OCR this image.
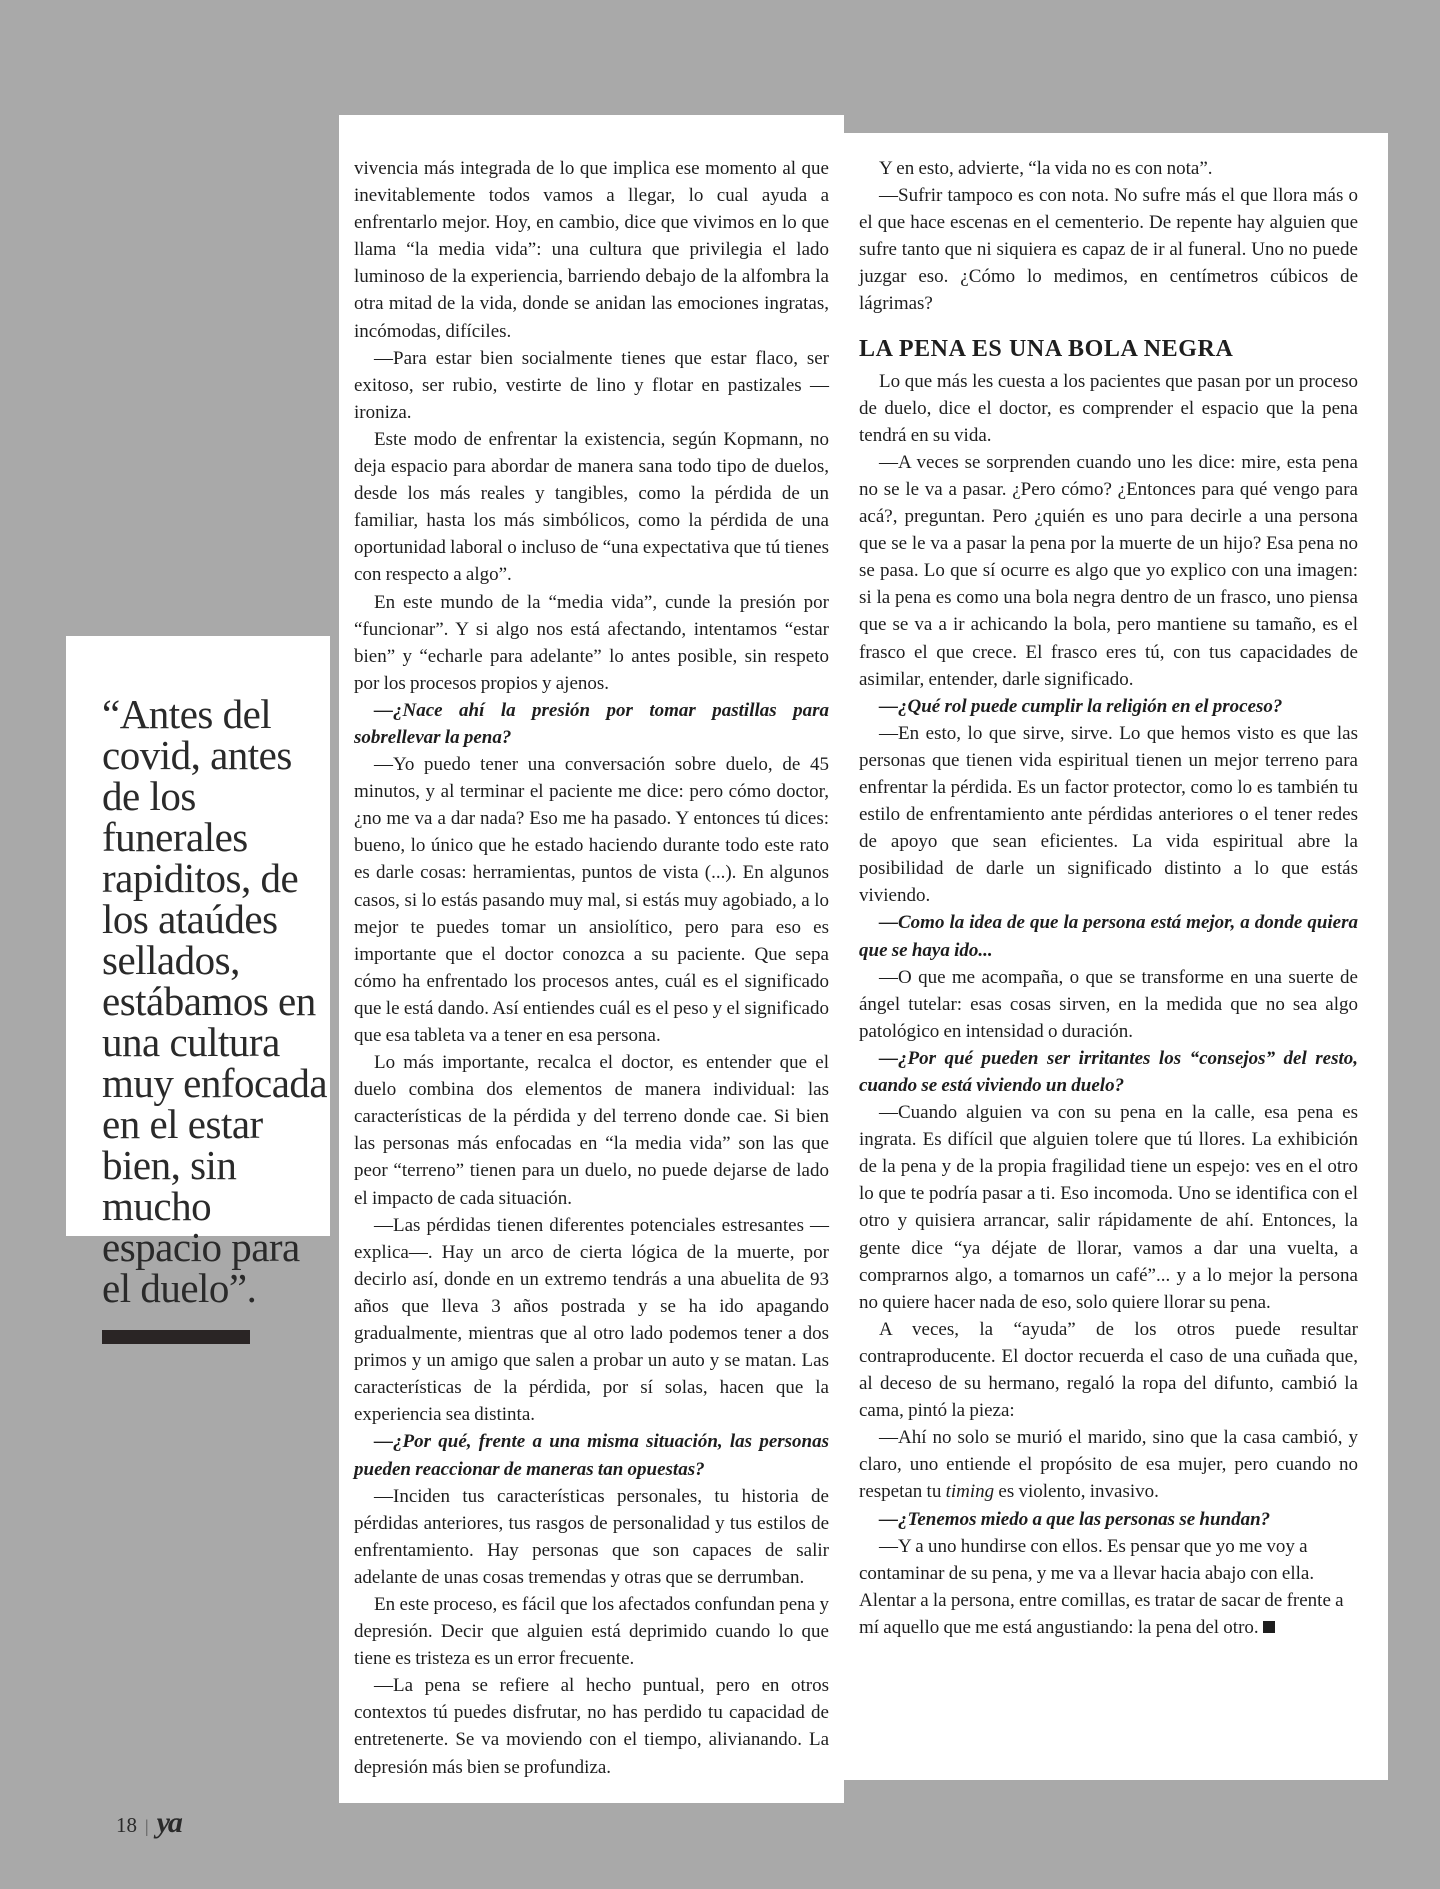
“Antes del covid, antes de los funerales rapiditos, de los ataúdes sellados, estábamos en una cultura muy enfocada en el estar bien, sin mucho espacio para el duelo”.

vivencia más integrada de lo que implica ese momento al que inevitablemente todos vamos a llegar, lo cual ayuda a enfrentarlo mejor. Hoy, en cambio, dice que vivimos en lo que llama “la media vida”: una cultura que privilegia el lado luminoso de la experiencia, barriendo debajo de la alfombra la otra mitad de la vida, donde se anidan las emociones ingratas, incómodas, difíciles.

—Para estar bien socialmente tienes que estar flaco, ser exitoso, ser rubio, vestirte de lino y flotar en pastizales —ironiza.

Este modo de enfrentar la existencia, según Kopmann, no deja espacio para abordar de manera sana todo tipo de duelos, desde los más reales y tangibles, como la pérdida de un familiar, hasta los más simbólicos, como la pérdida de una oportunidad laboral o incluso de “una expectativa que tú tienes con respecto a algo”.

En este mundo de la “media vida”, cunde la presión por “funcionar”. Y si algo nos está afectando, intentamos “estar bien” y “echarle para adelante” lo antes posible, sin respeto por los procesos propios y ajenos.

—¿Nace ahí la presión por tomar pastillas para sobrellevar la pena?

—Yo puedo tener una conversación sobre duelo, de 45 minutos, y al terminar el paciente me dice: pero cómo doctor, ¿no me va a dar nada? Eso me ha pasado. Y entonces tú dices: bueno, lo único que he estado haciendo durante todo este rato es darle cosas: herramientas, puntos de vista (...). En algunos casos, si lo estás pasando muy mal, si estás muy agobiado, a lo mejor te puedes tomar un ansiolítico, pero para eso es importante que el doctor conozca a su paciente. Que sepa cómo ha enfrentado los procesos antes, cuál es el significado que le está dando. Así entiendes cuál es el peso y el significado que esa tableta va a tener en esa persona.

Lo más importante, recalca el doctor, es entender que el duelo combina dos elementos de manera individual: las características de la pérdida y del terreno donde cae. Si bien las personas más enfocadas en “la media vida” son las que peor “terreno” tienen para un duelo, no puede dejarse de lado el impacto de cada situación.

—Las pérdidas tienen diferentes potenciales estresantes —explica—. Hay un arco de cierta lógica de la muerte, por decirlo así, donde en un extremo tendrás a una abuelita de 93 años que lleva 3 años postrada y se ha ido apagando gradualmente, mientras que al otro lado podemos tener a dos primos y un amigo que salen a probar un auto y se matan. Las características de la pérdida, por sí solas, hacen que la experiencia sea distinta.

—¿Por qué, frente a una misma situación, las personas pueden reaccionar de maneras tan opuestas?

—Inciden tus características personales, tu historia de pérdidas anteriores, tus rasgos de personalidad y tus estilos de enfrentamiento. Hay personas que son capaces de salir adelante de unas cosas tremendas y otras que se derrumban.

En este proceso, es fácil que los afectados confundan pena y depresión. Decir que alguien está deprimido cuando lo que tiene es tristeza es un error frecuente.

—La pena se refiere al hecho puntual, pero en otros contextos tú puedes disfrutar, no has perdido tu capacidad de entretenerte. Se va moviendo con el tiempo, alivianando. La depresión más bien se profundiza.

Y en esto, advierte, “la vida no es con nota”.

—Sufrir tampoco es con nota. No sufre más el que llora más o el que hace escenas en el cementerio. De repente hay alguien que sufre tanto que ni siquiera es capaz de ir al funeral. Uno no puede juzgar eso. ¿Cómo lo medimos, en centímetros cúbicos de lágrimas?

LA PENA ES UNA BOLA NEGRA

Lo que más les cuesta a los pacientes que pasan por un proceso de duelo, dice el doctor, es comprender el espacio que la pena tendrá en su vida.

—A veces se sorprenden cuando uno les dice: mire, esta pena no se le va a pasar. ¿Pero cómo? ¿Entonces para qué vengo para acá?, preguntan. Pero ¿quién es uno para decirle a una persona que se le va a pasar la pena por la muerte de un hijo? Esa pena no se pasa. Lo que sí ocurre es algo que yo explico con una imagen: si la pena es como una bola negra dentro de un frasco, uno piensa que se va a ir achicando la bola, pero mantiene su tamaño, es el frasco el que crece. El frasco eres tú, con tus capacidades de asimilar, entender, darle significado.

—¿Qué rol puede cumplir la religión en el proceso?

—En esto, lo que sirve, sirve. Lo que hemos visto es que las personas que tienen vida espiritual tienen un mejor terreno para enfrentar la pérdida. Es un factor protector, como lo es también tu estilo de enfrentamiento ante pérdidas anteriores o el tener redes de apoyo que sean eficientes. La vida espiritual abre la posibilidad de darle un significado distinto a lo que estás viviendo.

—Como la idea de que la persona está mejor, a donde quiera que se haya ido...

—O que me acompaña, o que se transforme en una suerte de ángel tutelar: esas cosas sirven, en la medida que no sea algo patológico en intensidad o duración.

—¿Por qué pueden ser irritantes los “consejos” del resto, cuando se está viviendo un duelo?

—Cuando alguien va con su pena en la calle, esa pena es ingrata. Es difícil que alguien tolere que tú llores. La exhibición de la pena y de la propia fragilidad tiene un espejo: ves en el otro lo que te podría pasar a ti. Eso incomoda. Uno se identifica con el otro y quisiera arrancar, salir rápidamente de ahí. Entonces, la gente dice “ya déjate de llorar, vamos a dar una vuelta, a comprarnos algo, a tomarnos un café”... y a lo mejor la persona no quiere hacer nada de eso, solo quiere llorar su pena.

A veces, la “ayuda” de los otros puede resultar contraproducente. El doctor recuerda el caso de una cuñada que, al deceso de su hermano, regaló la ropa del difunto, cambió la cama, pintó la pieza:

—Ahí no solo se murió el marido, sino que la casa cambió, y claro, uno entiende el propósito de esa mujer, pero cuando no respetan tu timing es violento, invasivo.

—¿Tenemos miedo a que las personas se hundan?

—Y a uno hundirse con ellos. Es pensar que yo me voy a contaminar de su pena, y me va a llevar hacia abajo con ella. Alentar a la persona, entre comillas, es tratar de sacar de frente a mí aquello que me está angustiando: la pena del otro.

18 | ya
